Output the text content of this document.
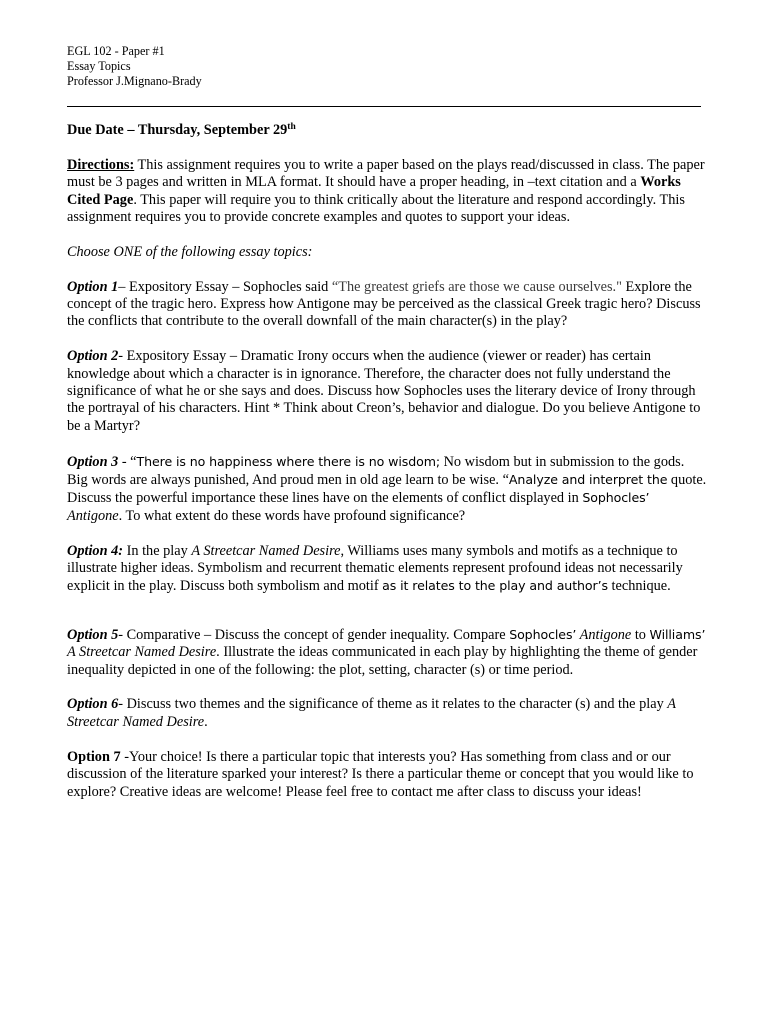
EGL 102 - Paper #1
Essay Topics
Professor J.Mignano-Brady

Due Date – Thursday, September 29th

Directions: This assignment requires you to write a paper based on the plays read/discussed in class. The paper must be 3 pages and written in MLA format. It should have a proper heading, in –text citation and a Works Cited Page. This paper will require you to think critically about the literature and respond accordingly. This assignment requires you to provide concrete examples and quotes to support your ideas.

Choose ONE of the following essay topics:

Option 1– Expository Essay – Sophocles said “The greatest griefs are those we cause ourselves." Explore the concept of the tragic hero. Express how Antigone may be perceived as the classical Greek tragic hero? Discuss the conflicts that contribute to the overall downfall of the main character(s) in the play?

Option 2- Expository Essay – Dramatic Irony occurs when the audience (viewer or reader) has certain knowledge about which a character is in ignorance. Therefore, the character does not fully understand the significance of what he or she says and does. Discuss how Sophocles uses the literary device of Irony through the portrayal of his characters. Hint * Think about Creon’s, behavior and dialogue. Do you believe Antigone to be a Martyr?

Option 3 - “There is no happiness where there is no wisdom; No wisdom but in submission to the gods. Big words are always punished, And proud men in old age learn to be wise. “Analyze and interpret the quote. Discuss the powerful importance these lines have on the elements of conflict displayed in Sophocles’ Antigone. To what extent do these words have profound significance?

Option 4: In the play A Streetcar Named Desire, Williams uses many symbols and motifs as a technique to illustrate higher ideas. Symbolism and recurrent thematic elements represent profound ideas not necessarily explicit in the play. Discuss both symbolism and motif as it relates to the play and author’s technique.

Option 5- Comparative – Discuss the concept of gender inequality. Compare Sophocles’ Antigone to Williams’ A Streetcar Named Desire. Illustrate the ideas communicated in each play by highlighting the theme of gender inequality depicted in one of the following: the plot, setting, character (s) or time period.

Option 6- Discuss two themes and the significance of theme as it relates to the character (s) and the play A Streetcar Named Desire.

Option 7 -Your choice! Is there a particular topic that interests you? Has something from class and or our discussion of the literature sparked your interest? Is there a particular theme or concept that you would like to explore? Creative ideas are welcome! Please feel free to contact me after class to discuss your ideas!
